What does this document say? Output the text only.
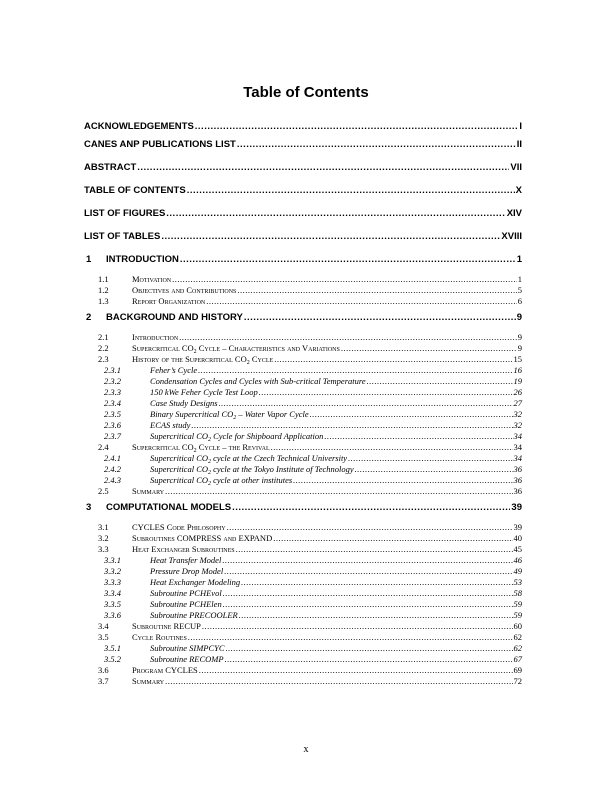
Table of Contents
ACKNOWLEDGEMENTS .....	I
CANES ANP PUBLICATIONS LIST .....	II
ABSTRACT .....	VII
TABLE OF CONTENTS .....	X
LIST OF FIGURES .....	XIV
LIST OF TABLES .....	XVIII
1	INTRODUCTION .....	1
1.1	Motivation .....	1
1.2	Objectives and Contributions .....	5
1.3	Report Organization .....	6
2	BACKGROUND AND HISTORY .....	9
2.1	Introduction .....	9
2.2	Supercritical $CO_2$ Cycle – Characteristics and Variations .....	9
2.3	History of the Supercritical $CO_2$ Cycle .....	15
2.3.1	Feher’s Cycle .....	16
2.3.2	Condensation Cycles and Cycles with Sub-critical Temperature .....	19
2.3.3	150 kWe Feher Cycle Test Loop .....	26
2.3.4	Case Study Designs .....	27
2.3.5	Binary Supercritical $CO_2$ – Water Vapor Cycle .....	32
2.3.6	ECAS study .....	32
2.3.7	Supercritical $CO_2$ Cycle for Shipboard Application .....	34
2.4	Supercritical $CO_2$ Cycle – the Revival .....	34
2.4.1	Supercritical $CO_2$ cycle at the Czech Technical University .....	34
2.4.2	Supercritical $CO_2$ cycle at the Tokyo Institute of Technology .....	36
2.4.3	Supercritical $CO_2$ cycle at other institutes .....	36
2.5	Summary .....	36
3	COMPUTATIONAL MODELS .....	39
3.1	CYCLES Code Philosophy .....	39
3.2	Subroutines COMPRESS and EXPAND .....	40
3.3	Heat Exchanger Subroutines .....	45
3.3.1	Heat Transfer Model .....	46
3.3.2	Pressure Drop Model .....	49
3.3.3	Heat Exchanger Modeling .....	53
3.3.4	Subroutine PCHEvol .....	58
3.3.5	Subroutine PCHElen .....	59
3.3.6	Subroutine PRECOOLER .....	59
3.4	Subroutine RECUP .....	60
3.5	Cycle Routines .....	62
3.5.1	Subroutine SIMPCYC .....	62
3.5.2	Subroutine RECOMP .....	67
3.6	Program CYCLES .....	69
3.7	Summary .....	72
x
